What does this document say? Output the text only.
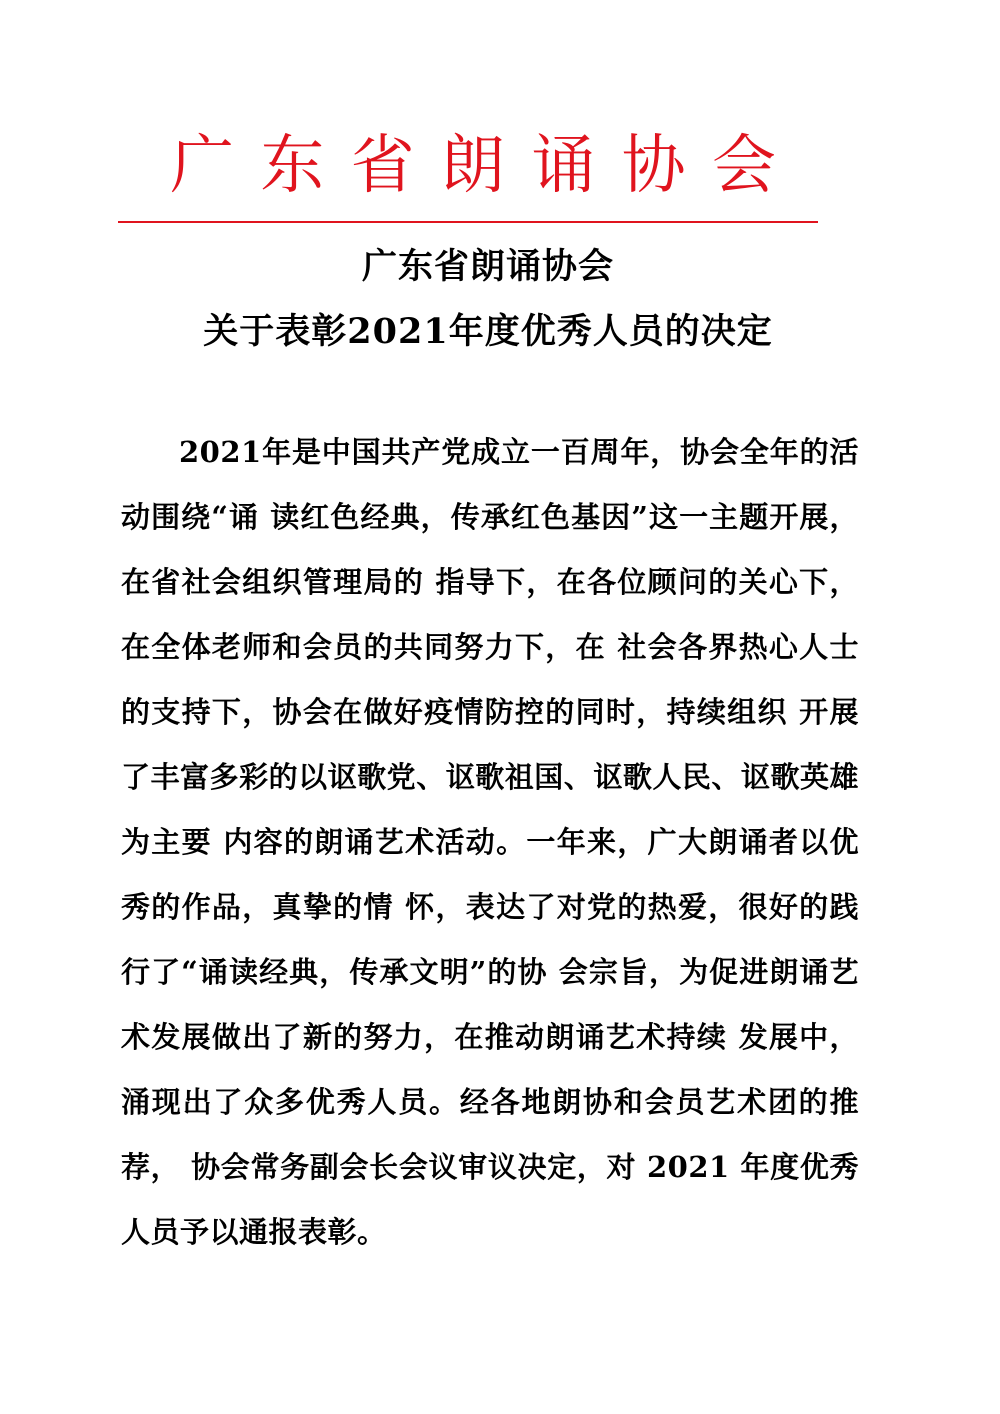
广 东 省 朗 诵 协 会
广东省朗诵协会
关于表彰2021年度优秀人员的决定

2021年是中国共产党成立一百周年，协会全年的活动围绕“诵 读红色经典，传承红色基因”这一主题开展，在省社会组织管理局的 指导下，在各位顾问的关心下，在全体老师和会员的共同努力下，在 社会各界热心人士的支持下，协会在做好疫情防控的同时，持续组织 开展了丰富多彩的以讴歌党、讴歌祖国、讴歌人民、讴歌英雄为主要 内容的朗诵艺术活动。一年来，广大朗诵者以优秀的作品，真挚的情 怀，表达了对党的热爱，很好的践行了“诵读经典，传承文明”的协 会宗旨，为促进朗诵艺术发展做出了新的努力，在推动朗诵艺术持续 发展中，涌现出了众多优秀人员。经各地朗协和会员艺术团的推荐， 协会常务副会长会议审议决定，对 2021 年度优秀人员予以通报表彰。
